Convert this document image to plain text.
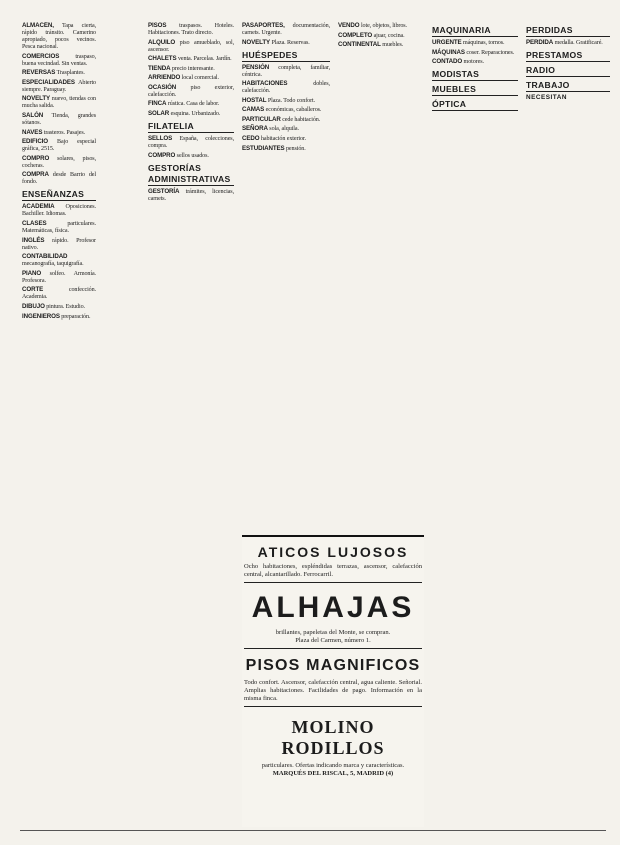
ALMACÉN, Tapa cierta, rápido tránsito. Camerino apropiado, pocos vecinos. Pesca nacional.
COMERCIOS traspaso, buena vecindad. Sin ventas.
REVERSAS Trasplantes.
ESPECIALIDADES Abierto siempre. Paraguay.
NOVELTY nuevo, tiendas con mucha salida.
SALÓN Tienda, grandes sótanos.
NAVES trasteros. Pasajes.
EDIFICIO Bajo especial gráfica, 2515.
COMPRO solares, pisos, cocheras.
COMPRA desde Barrio del fondo.
ENSEÑANZAS
ACADEMIA Oposiciones. Bachiller. Idiomas.
CLASES particulares. Matemáticas, física.
INGLÉS rápido. Profesor nativo.
CONTABILIDAD mecanografía, taquigrafía.
PIANO solfeo. Armonía. Profesora.
CORTE confección. Academia.
DIBUJO pintura. Estudio.
INGENIEROS preparación.
PISOS traspasos. Hoteles. Habitaciones. Trato directo.
ALQUILO piso amueblado, sol, ascensor.
CHALETS venta. Parcelas. Jardín.
TIENDA precio interesante.
ARRIENDO local comercial.
OCASIÓN piso exterior, calefacción.
FINCA rústica. Casa de labor.
SOLAR esquina. Urbanizado.
FILATELIA
SELLOS España, colecciones, compra.
COMPRO sellos usados.
GESTORÍAS ADMINISTRATIVAS
GESTORÍA trámites, licencias, carnets.
PASAPORTES, documentación, carnets. Urgente.
NOVELTY Plaza. Reservas.
HUÉSPEDES
PENSIÓN completa, familiar, céntrica.
HABITACIONES dobles, calefacción.
HOSTAL Plaza. Todo confort.
CAMAS económicas, caballeros.
PARTICULAR cede habitación.
SEÑORA sola, alquila.
CEDO habitación exterior.
ESTUDIANTES pensión.
VENDO lote, objetos, libros.
COMPLETO ajuar, cocina.
CONTINENTAL muebles.
MAQUINARIA
URGENTE máquinas, tornos.
MÁQUINAS coser. Reparaciones.
CONTADO motores.
MODISTAS
MUEBLES
ÓPTICA
PERDIDAS
PERDIDA medalla. Gratificaré.
PRESTAMOS
RADIO
TRABAJO
NECESITAN
ATICOS LUJOSOS
Ocho habitaciones, espléndidas terrazas, ascensor, calefacción central, alcantarillado. Ferrocarril.
ALHAJAS
brillantes, papeletas del Monte, se compran.
Plaza del Carmen, número 1.
PISOS MAGNIFICOS
Todo confort. Ascensor, calefacción central, agua caliente. Señorial. Amplias habitaciones. Facilidades de pago. Información en la misma finca.
MOLINO RODILLOS
particulares. Ofertas indicando marca y características.
MARQUÉS DEL RISCAL, 5, MADRID (4)
